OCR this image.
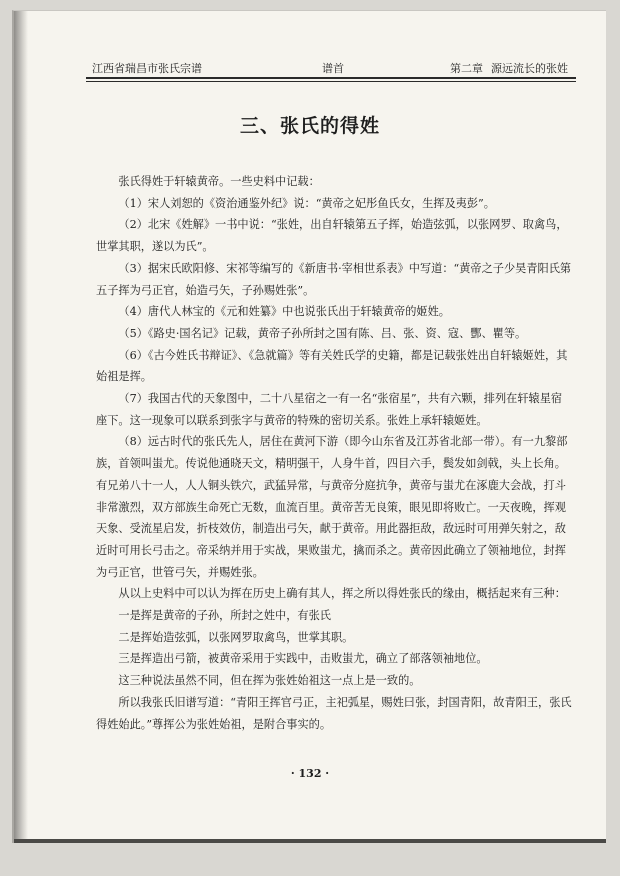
江西省瑞昌市张氏宗谱	谱首	第二章 源远流长的张姓
三、张氏的得姓

张氏得姓于轩辕黄帝。一些史料中记载：

（1）宋人刘恕的《资治通鉴外纪》说：“黄帝之妃彤鱼氏女，生挥及夷彭”。

（2）北宋《姓解》一书中说：“张姓，出自轩辕第五子挥，始造弦弧，以张网罗、取禽鸟，世掌其职，遂以为氏”。

（3）据宋氏欧阳修、宋祁等编写的《新唐书·宰相世系表》中写道：“黄帝之子少昊青阳氏第五子挥为弓正官，始造弓矢，子孙赐姓张”。

（4）唐代人林宝的《元和姓纂》中也说张氏出于轩辕黄帝的姬姓。

（5）《路史·国名记》记载，黄帝子孙所封之国有陈、吕、张、资、寇、酆、瞿等。

（6）《古今姓氏书辩证》、《急就篇》等有关姓氏学的史籍，都是记载张姓出自轩辕姬姓，其始祖是挥。

（7）我国古代的天象图中，二十八星宿之一有一名“张宿星”，共有六颗，排列在轩辕星宿座下。这一现象可以联系到张字与黄帝的特殊的密切关系。张姓上承轩辕姬姓。

（8）远古时代的张氏先人，居住在黄河下游（即今山东省及江苏省北部一带）。有一九黎部族，首领叫蚩尤。传说他通晓天文，精明强干，人身牛首，四目六手，鬓发如剑戟，头上长角。有兄弟八十一人，人人铜头铁穴，武猛异常，与黄帝分庭抗争，黄帝与蚩尤在涿鹿大会战，打斗非常激烈，双方部族生命死亡无数，血流百里。黄帝苦无良策，眼见即将败亡。一天夜晚，挥观天象、受流星启发，折枝效仿，制造出弓矢，献于黄帝。用此器拒敌，敌远时可用弹矢射之，敌近时可用长弓击之。帝采纳并用于实战，果败蚩尤，擒而杀之。黄帝因此确立了领袖地位，封挥为弓正官，世管弓矢，并赐姓张。

从以上史料中可以认为挥在历史上确有其人，挥之所以得姓张氏的缘由，概括起来有三种：

一是挥是黄帝的子孙，所封之姓中，有张氏

二是挥始造弦弧，以张网罗取禽鸟，世掌其职。

三是挥造出弓箭，被黄帝采用于实践中，击败蚩尤，确立了部落领袖地位。

这三种说法虽然不同，但在挥为张姓始祖这一点上是一致的。

所以我张氏旧谱写道：“青阳王挥官弓正，主祀弧星，赐姓曰张，封国青阳，故青阳王，张氏得姓始此。”尊挥公为张姓始祖，是附合事实的。

· 132 ·
